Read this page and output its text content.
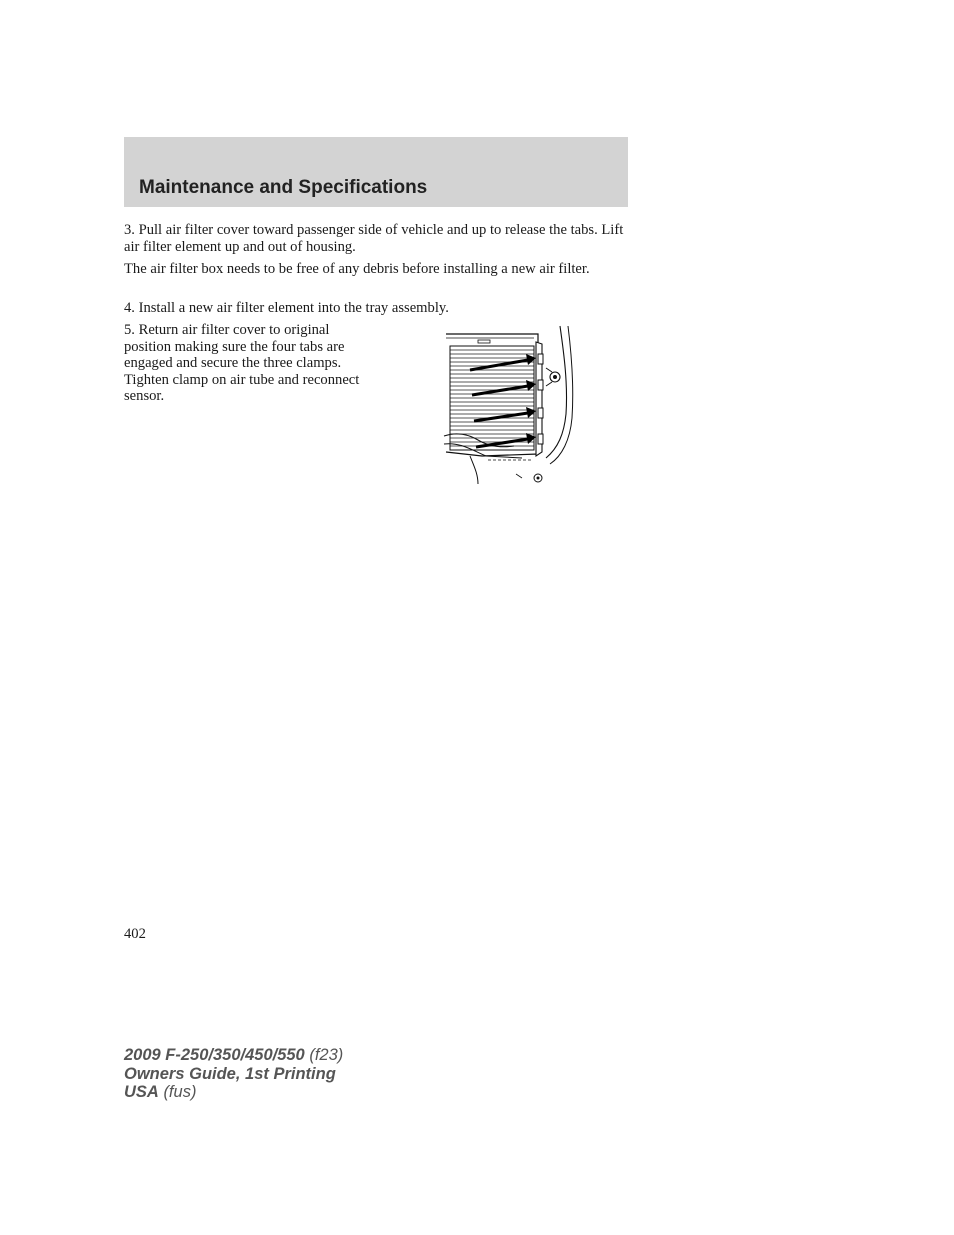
Maintenance and Specifications

3. Pull air filter cover toward passenger side of vehicle and up to release the tabs. Lift air filter element up and out of housing.

The air filter box needs to be free of any debris before installing a new air filter.

4. Install a new air filter element into the tray assembly.

5. Return air filter cover to original position making sure the four tabs are engaged and secure the three clamps. Tighten clamp on air tube and reconnect sensor.

402

2009 F-250/350/450/550 (f23)
Owners Guide, 1st Printing
USA (fus)
